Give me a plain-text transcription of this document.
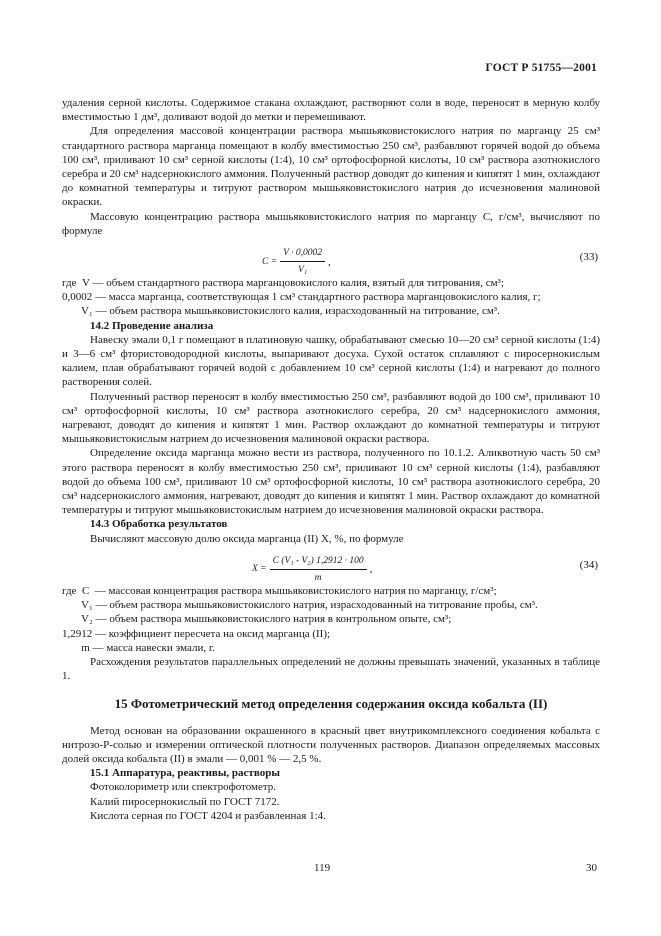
ГОСТ Р 51755—2001

удаления серной кислоты. Содержимое стакана охлаждают, растворяют соли в воде, переносят в мерную колбу вместимостью 1 дм³, доливают водой до метки и перемешивают.

Для определения массовой концентрации раствора мышьяковистокислого натрия по марганцу 25 см³ стандартного раствора марганца помещают в колбу вместимостью 250 см³, разбавляют горячей водой до объема 100 см³, приливают 10 см³ серной кислоты (1:4), 10 см³ ортофосфорной кислоты, 10 см³ раствора азотнокислого серебра и 20 см³ надсернокислого аммония. Полученный раствор доводят до кипения и кипятят 1 мин, охлаждают до комнатной температуры и титруют раствором мышьяковистокислого натрия до исчезновения малиновой окраски.

Массовую концентрацию раствора мышьяковистокислого натрия по марганцу C, г/см³, вычисляют по формуле

$C = \frac{V \cdot 0,0002}{\text{V₁}}$ ,	(33)
где  V —
объем стандартного раствора марганцовокислого калия, взятый для титрования, см³;
0,0002 —
масса марганца, соответствующая 1 см³ стандартного раствора марганцовокислого калия, г;
V₁ —
объем раствора мышьяковистокислого калия, израсходованный на титрование, см³.

14.2 Проведение анализа

Навеску эмали 0,1 г помещают в платиновую чашку, обрабатывают смесью 10—20 см³ серной кислоты (1:4) и 3—6 см³ фтористоводородной кислоты, выпаривают досуха. Сухой остаток сплавляют с пиросернокислым калием, плав обрабатывают горячей водой с добавлением 10 см³ серной кислоты (1:4) и нагревают до полного растворения солей.

Полученный раствор переносят в колбу вместимостью 250 см³, разбавляют водой до 100 см³, приливают 10 см³ ортофосфорной кислоты, 10 см³ раствора азотнокислого серебра, 20 см³ надсернокислого аммония, нагревают, доводят до кипения и кипятят 1 мин. Раствор охлаждают до комнатной температуры и титруют мышьяковистокислым натрием до исчезновения малиновой окраски раствора.

Определение оксида марганца можно вести из раствора, полученного по 10.1.2. Аликвотную часть 50 см³ этого раствора переносят в колбу вместимостью 250 см³, приливают 10 см³ серной кислоты (1:4), разбавляют водой до объема 100 см³, приливают 10 см³ ортофосфорной кислоты, 10 см³ раствора азотнокислого серебра, 20 см³ надсернокислого аммония, нагревают, доводят до кипения и кипятят 1 мин. Раствор охлаждают до комнатной температуры и титруют мышьяковистокислым натрием до исчезновения малиновой окраски раствора.

14.3 Обработка результатов

Вычисляют массовую долю оксида марганца (II) X, %, по формуле

$X = \frac{\text{C (V₁ - V₂) 1,2912 · 100}}{m}$ ,	(34)
где  C  —
массовая концентрация раствора мышьяковистокислого натрия по марганцу, г/см³;
V₁ —
объем раствора мышьяковистокислого натрия, израсходованный на титрование пробы, см³.
V₂ —
объем раствора мышьяковистокислого натрия в контрольном опыте, см³;
1,2912 —
коэффициент пересчета на оксид марганца (II);
m —
масса навески эмали, г.

Расхождения результатов параллельных определений не должны превышать значений, указанных в таблице 1.

15 Фотометрический метод определения содержания оксида кобальта (II)

Метод основан на образовании окрашенного в красный цвет внутрикомплексного соединения кобальта с нитрозо-Р-солью и измерении оптической плотности полученных растворов. Диапазон определяемых массовых долей оксида кобальта (II) в эмали — 0,001 % — 2,5 %.

15.1 Аппаратура, реактивы, растворы

Фотоколориметр или спектрофотометр.

Калий пиросернокислый по ГОСТ 7172.

Кислота серная по ГОСТ 4204 и разбавленная 1:4.

119	30
